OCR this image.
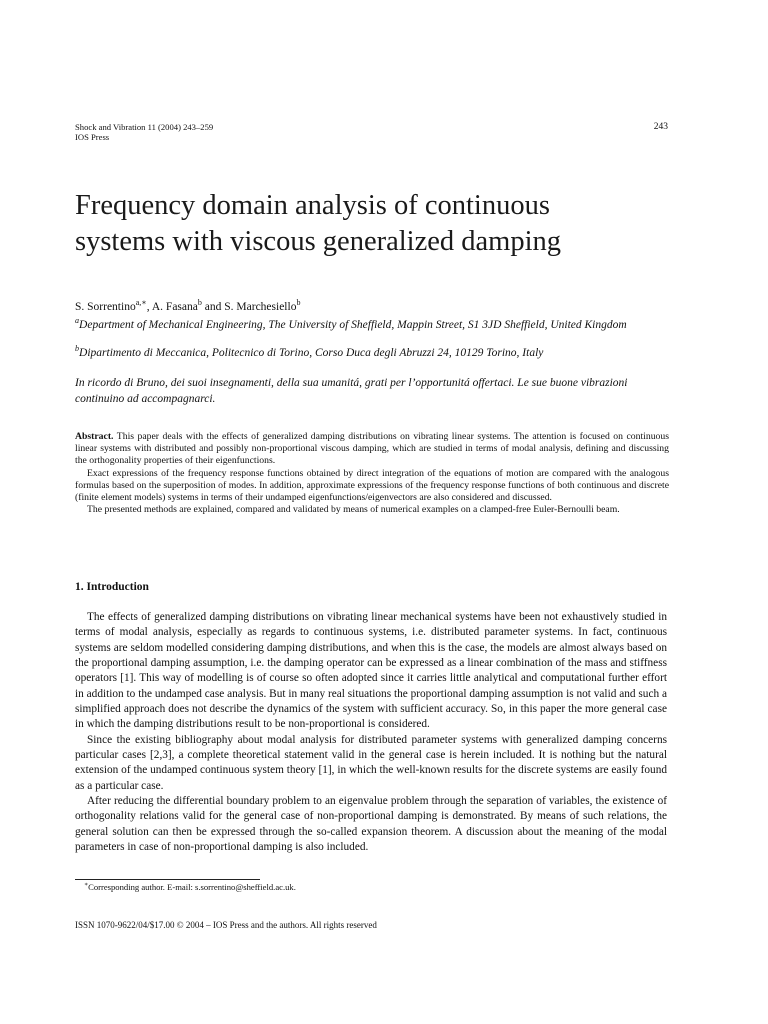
Shock and Vibration 11 (2004) 243–259
IOS Press
243
Frequency domain analysis of continuous
systems with viscous generalized damping
S. Sorrentino$^{a,∗}$, A. Fasana$^b$ and S. Marchesiello$^b$
$^a$Department of Mechanical Engineering, The University of Sheffield, Mappin Street, S1 3JD Sheffield, United Kingdom
$^b$Dipartimento di Meccanica, Politecnico di Torino, Corso Duca degli Abruzzi 24, 10129 Torino, Italy
In ricordo di Bruno, dei suoi insegnamenti, della sua umanitá, grati per l’opportunitá offertaci. Le sue buone vibrazioni continuino ad accompagnarci.

Abstract. This paper deals with the effects of generalized damping distributions on vibrating linear systems. The attention is focused on continuous linear systems with distributed and possibly non-proportional viscous damping, which are studied in terms of modal analysis, defining and discussing the orthogonality properties of their eigenfunctions.

Exact expressions of the frequency response functions obtained by direct integration of the equations of motion are compared with the analogous formulas based on the superposition of modes. In addition, approximate expressions of the frequency response functions of both continuous and discrete (finite element models) systems in terms of their undamped eigenfunctions/eigenvectors are also considered and discussed.

The presented methods are explained, compared and validated by means of numerical examples on a clamped-free Euler-Bernoulli beam.

1. Introduction

The effects of generalized damping distributions on vibrating linear mechanical systems have been not exhaustively studied in terms of modal analysis, especially as regards to continuous systems, i.e. distributed parameter systems. In fact, continuous systems are seldom modelled considering damping distributions, and when this is the case, the models are almost always based on the proportional damping assumption, i.e. the damping operator can be expressed as a linear combination of the mass and stiffness operators [1]. This way of modelling is of course so often adopted since it carries little analytical and computational further effort in addition to the undamped case analysis. But in many real situations the proportional damping assumption is not valid and such a simplified approach does not describe the dynamics of the system with sufficient accuracy. So, in this paper the more general case in which the damping distributions result to be non-proportional is considered.

Since the existing bibliography about modal analysis for distributed parameter systems with generalized damping concerns particular cases [2,3], a complete theoretical statement valid in the general case is herein included. It is nothing but the natural extension of the undamped continuous system theory [1], in which the well-known results for the discrete systems are easily found as a particular case.

After reducing the differential boundary problem to an eigenvalue problem through the separation of variables, the existence of orthogonality relations valid for the general case of non-proportional damping is demonstrated. By means of such relations, the general solution can then be expressed through the so-called expansion theorem. A discussion about the meaning of the modal parameters in case of non-proportional damping is also included.

∗Corresponding author. E-mail: s.sorrentino@sheffield.ac.uk.
ISSN 1070-9622/04/$17.00 © 2004 – IOS Press and the authors. All rights reserved
